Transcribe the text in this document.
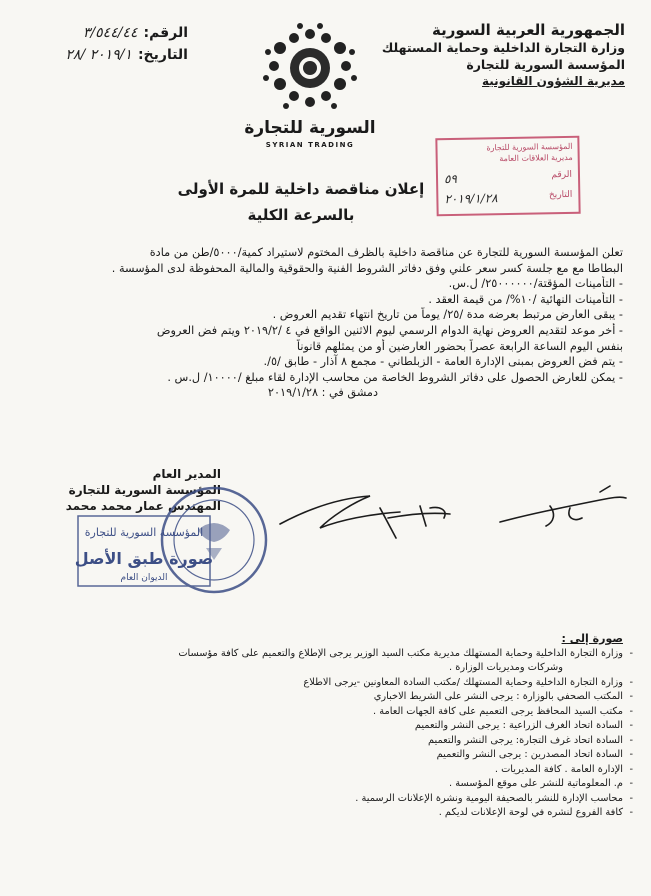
الجمهورية العربية السورية
وزارة التجارة الداخلية وحماية المستهلك
المؤسسة السورية للتجارة
مديرية الشؤون القانونية
الرقم:
٣/٥٤٤/٤٤
التاريخ:
٢٠١٩/١ /٢٨
السورية للتجارة
SYRIAN TRADING	المؤسسة السورية للتجارة
مديرية العلاقات العامة
الرقم
٥٩
التاريخ
٢٠١٩/١/٢٨
إعلان مناقصة داخلية للمرة الأولى
بالسرعة الكلية
تعلن المؤسسة السورية للتجارة عن مناقصة داخلية بالظرف المختوم لاستيراد كمية/٥٠٠٠/طن من مادة
البطاطا مع مع جلسة كسر سعر علني وفق دفاتر الشروط الفنية والحقوقية والمالية المحفوظة لدى المؤسسة .
- التأمينات المؤقتة/٢٥٠٠٠٠٠٠/ ل.س.
- التأمينات النهائية /١٠%/ من قيمة العقد .
- يبقى العارض مرتبط بعرضه مدة /٢٥/ يوماً من تاريخ انتهاء تقديم العروض .
- أخر موعد لتقديم العروض نهاية الدوام الرسمي ليوم الاثنين الواقع في ٤ /٢٠١٩/٢ ويتم فض العروض
بنفس اليوم الساعة الرابعة عصراً بحضور العارضين أو من يمثلهم قانوناً
- يتم فض العروض بمبنى الإدارة العامة - الزبلطاني - مجمع ٨ آذار - طابق /٥/.
- يمكن للعارض الحصول على دفاتر الشروط الخاصة من محاسب الإدارة لقاء مبلغ /١٠٠٠٠/ ل.س .
دمشق في : ٢٠١٩/١/٢٨
المدير العام
المؤسسة السورية للتجارة
المهندس عمار محمد محمد
المؤسسة السورية للتجارة
صورة طبق الأصل
الديوان العام
صورة إلى :
- وزارة التجارة الداخلية وحماية المستهلك مديرية مكتب السيد الوزير يرجى الإطلاع والتعميم على كافة مؤسسات
وشركات ومديريات الوزارة .
- وزارة التجارة الداخلية وحماية المستهلك /مكتب السادة المعاونين -يرجى الاطلاع
- المكتب الصحفي بالوزارة : يرجى النشر على الشريط الاخباري
- مكتب السيد المحافظ يرجى التعميم على كافة الجهات العامة .
- السادة اتحاد الغرف الزراعية : يرجى النشر والتعميم
- السادة اتحاد غرف التجارة: يرجى النشر والتعميم
- السادة اتحاد المصدرين : يرجى النشر والتعميم
- الإدارة العامة . كافة المديريات .
- م. المعلوماتية للنشر على موقع المؤسسة .
- محاسب الإدارة للنشر بالصحيفة اليومية ونشرة الإعلانات الرسمية .
- كافة الفروع لنشره في لوحة الإعلانات لديكم .
